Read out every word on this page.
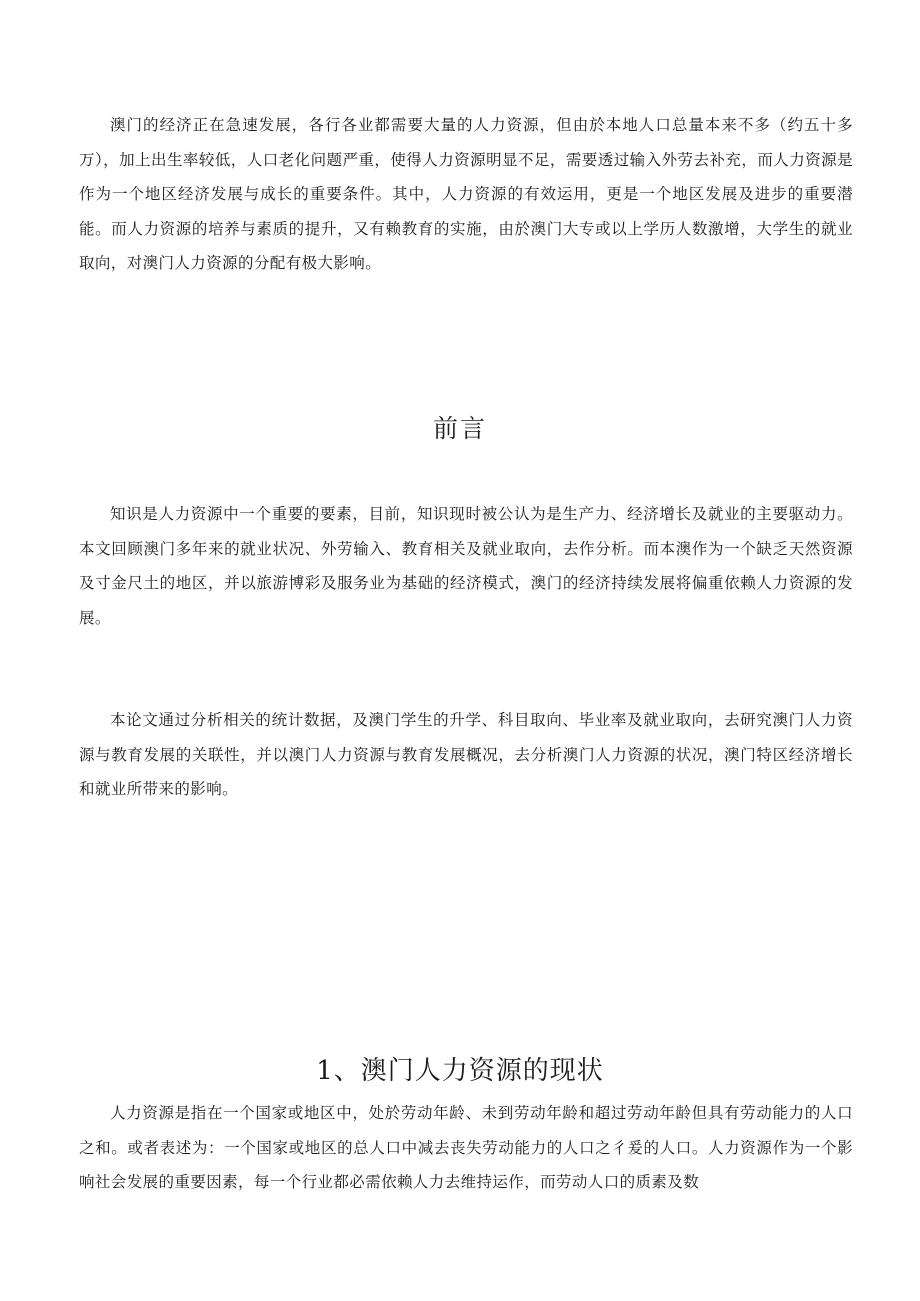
澳门的经济正在急速发展，各行各业都需要大量的人力资源，但由於本地人口总量本来不多（约五十多万），加上出生率较低，人口老化问题严重，使得人力资源明显不足，需要透过输入外劳去补充，而人力资源是作为一个地区经济发展与成长的重要条件。其中，人力资源的有效运用，更是一个地区发展及进步的重要潜能。而人力资源的培养与素质的提升，又有赖教育的实施，由於澳门大专或以上学历人数激增，大学生的就业取向，对澳门人力资源的分配有极大影响。

前言

知识是人力资源中一个重要的要素，目前，知识现时被公认为是生产力、经济增长及就业的主要驱动力。本文回顾澳门多年来的就业状况、外劳输入、教育相关及就业取向，去作分析。而本澳作为一个缺乏天然资源及寸金尺土的地区，并以旅游博彩及服务业为基础的经济模式，澳门的经济持续发展将偏重依赖人力资源的发展。

本论文通过分析相关的统计数据，及澳门学生的升学、科目取向、毕业率及就业取向，去研究澳门人力资源与教育发展的关联性，并以澳门人力资源与教育发展概况，去分析澳门人力资源的状况，澳门特区经济增长和就业所带来的影响。

1、澳门人力资源的现状

人力资源是指在一个国家或地区中，处於劳动年龄、未到劳动年龄和超过劳动年龄但具有劳动能力的人口之和。或者表述为：一个国家或地区的总人口中减去丧失劳动能力的人口之彳爰的人口。人力资源作为一个影响社会发展的重要因素，每一个行业都必需依赖人力去维持运作，而劳动人口的质素及数
